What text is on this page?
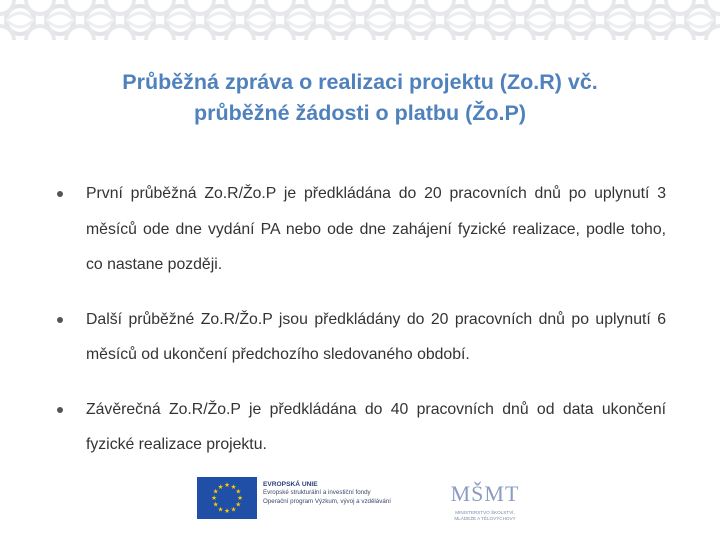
Průběžná zpráva o realizaci projektu (Zo.R) vč.
průběžné žádosti o platbu (Žo.P)
První průběžná Zo.R/Žo.P je předkládána do 20 pracovních dnů po uplynutí 3 měsíců ode dne vydání PA nebo ode dne zahájení fyzické realizace, podle toho, co nastane později.
Další průběžné Zo.R/Žo.P jsou předkládány do 20 pracovních dnů po uplynutí 6 měsíců od ukončení předchozího sledovaného období.
Závěrečná Zo.R/Žo.P je předkládána do 40 pracovních dnů od data ukončení fyzické realizace projektu.
★ ★
★
★
★
★
★
★
★
★
★
★	EVROPSKÁ UNIE
Evropské strukturální a investiční fondy
Operační program Výzkum, vývoj a vzdělávání	MŠMT
MINISTERSTVO ŠKOLSTVÍ,
MLÁDEŽE A TĚLOVÝCHOVY
